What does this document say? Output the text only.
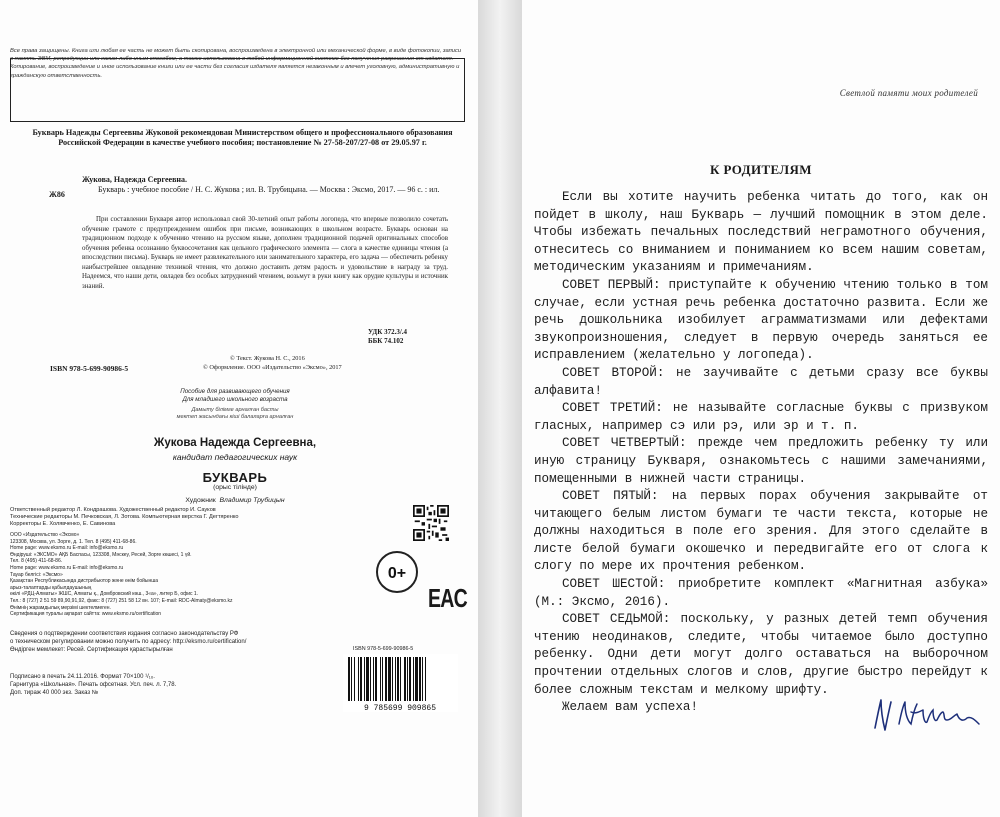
Все права защищены. Книга или любая ее часть не может быть скопирована, воспроизведена в электронной или механической форме, в виде фотокопии, записи в память ЭВМ, репродукции или каким-либо иным способом, а также использована в любой информационной системе без получения разрешения от издателя. Копирование, воспроизведение и иное использование книги или ее части без согласия издателя является незаконным и влечет уголовную, административную и гражданскую ответственность.
Букварь Надежды Сергеевны Жуковой рекомендован Министерством общего и профессионального образования Российской Федерации в качестве учебного пособия; постановление № 27-58-207/27-08 от 29.05.97 г.
Ж86
Жукова, Надежда Сергеевна.
Букварь : учебное пособие / Н. С. Жукова ; ил. В. Трубицына. — Москва : Эксмо, 2017. — 96 с. : ил.
При составлении Букваря автор использовал свой 30-летний опыт работы логопеда, что впервые позволило сочетать обучение грамоте с предупреждением ошибок при письме, возникающих в школьном возрасте. Букварь основан на традиционном подходе к обучению чтению на русском языке, дополнен традиционной подачей оригинальных способов обучения ребенка осознанию буквосочетания как цельного графического элемента — слога в качестве единицы чтения (а впоследствии письма). Букварь не имеет развлекательного или занимательного характера, его задача — обеспечить ребенку наибыстрейшее овладение техникой чтения, что должно доставить детям радость и удовольствие в награду за труд. Надеемся, что наши дети, овладев без особых затруднений чтением, возьмут в руки книгу как орудие культуры и источник знаний.
УДК 372.3/.4
ББК 74.102
ISBN 978-5-699-90986-5
© Текст. Жукова Н. С., 2016
© Оформление. ООО «Издательство «Эксмо», 2017
Пособие для развивающего обучения
Для младшего школьного возраста
Дамыту білімге арналған басты
мектеп жасындағы кіші балаларға арналған
Жукова Надежда Сергеевна,
кандидат педагогических наук
БУКВАРЬ
(орыс тілінде)
Художник Владимир Трубицын
Ответственный редактор Л. Кондрашова. Художественный редактор И. Сауков
Технические редакторы М. Печковская, Л. Зотова. Компьютерная верстка Г. Дегтяренко
Корректоры Е. Холявченко, Е. Савинова
ООО «Издательство «Эксмо»
123308, Москва, ул. Зорге, д. 1. Тел. 8 (495) 411-68-86.
Home page: www.eksmo.ru E-mail: info@eksmo.ru
Өндіруші: «ЭКСМО» АҚБ Баспасы, 123308, Мәскеу, Ресей, Зорге көшесі, 1 үй.
Тел. 8 (495) 411-68-86.
Home page: www.eksmo.ru E-mail: info@eksmo.ru
Тауар белгісі: «Эксмо»
Қазақстан Республикасында дистрибьютор және өнім бойынша
арыз-талаптарды қабылдаушының
өкілі «РДЦ-Алматы» ЖШС, Алматы қ., Домбровский көш., 3«а», литер Б, офис 1.
Тел.: 8 (727) 2 51 59 89,90,91,92, факс: 8 (727) 251 58 12 вн. 107; E-mail: RDC-Almaty@eksmo.kz
Өнімнің жарамдылық мерзімі шектелмеген.
Сертификация туралы ақпарат сайтта: www.eksmo.ru/certification
Сведения о подтверждении соответствия издания согласно законодательству РФ
о техническом регулировании можно получить по адресу: http://eksmo.ru/certification/
Өндірген мемлекет: Ресей. Сертификация қарастырылған
Подписано в печать 24.11.2016. Формат 70×100 ¹/₁₆.
Гарнитура «Школьная». Печать офсетная. Усл. печ. л. 7,78.
Доп. тираж 40 000 экз. Заказ №
0+
EAC
ISBN 978-5-699-90986-5
9 785699 909865
Светлой памяти моих родителей
К РОДИТЕЛЯМ

Если вы хотите научить ребенка читать до того, как он пойдет в школу, наш Букварь — лучший помощник в этом деле. Чтобы избежать печальных последствий неграмотного обучения, отнеситесь со вниманием и пониманием ко всем нашим советам, методическим указаниям и примечаниям.

СОВЕТ ПЕРВЫЙ: приступайте к обучению чтению только в том случае, если устная речь ребенка достаточно развита. Если же речь дошкольника изобилует аграмматизмами или дефектами звукопроизношения, следует в первую очередь заняться ее исправлением (желательно у логопеда).

СОВЕТ ВТОРОЙ: не заучивайте с детьми сразу все буквы алфавита!

СОВЕТ ТРЕТИЙ: не называйте согласные буквы с призвуком гласных, например сэ или рэ, или эр и т. п.

СОВЕТ ЧЕТВЕРТЫЙ: прежде чем предложить ребенку ту или иную страницу Букваря, ознакомьтесь с нашими замечаниями, помещенными в нижней части страницы.

СОВЕТ ПЯТЫЙ: на первых порах обучения закрывайте от читающего белым листом бумаги те части текста, которые не должны находиться в поле его зрения. Для этого сделайте в листе белой бумаги окошечко и передвигайте его от слога к слогу по мере их прочтения ребенком.

СОВЕТ ШЕСТОЙ: приобретите комплект «Магнитная азбука» (М.: Эксмо, 2016).

СОВЕТ СЕДЬМОЙ: поскольку, у разных детей темп обучения чтению неодинаков, следите, чтобы читаемое было доступно ребенку. Одни дети могут долго оставаться на выборочном прочтении отдельных слогов и слов, другие быстро перейдут к более сложным текстам и мелкому шрифту.

Желаем вам успеха!
